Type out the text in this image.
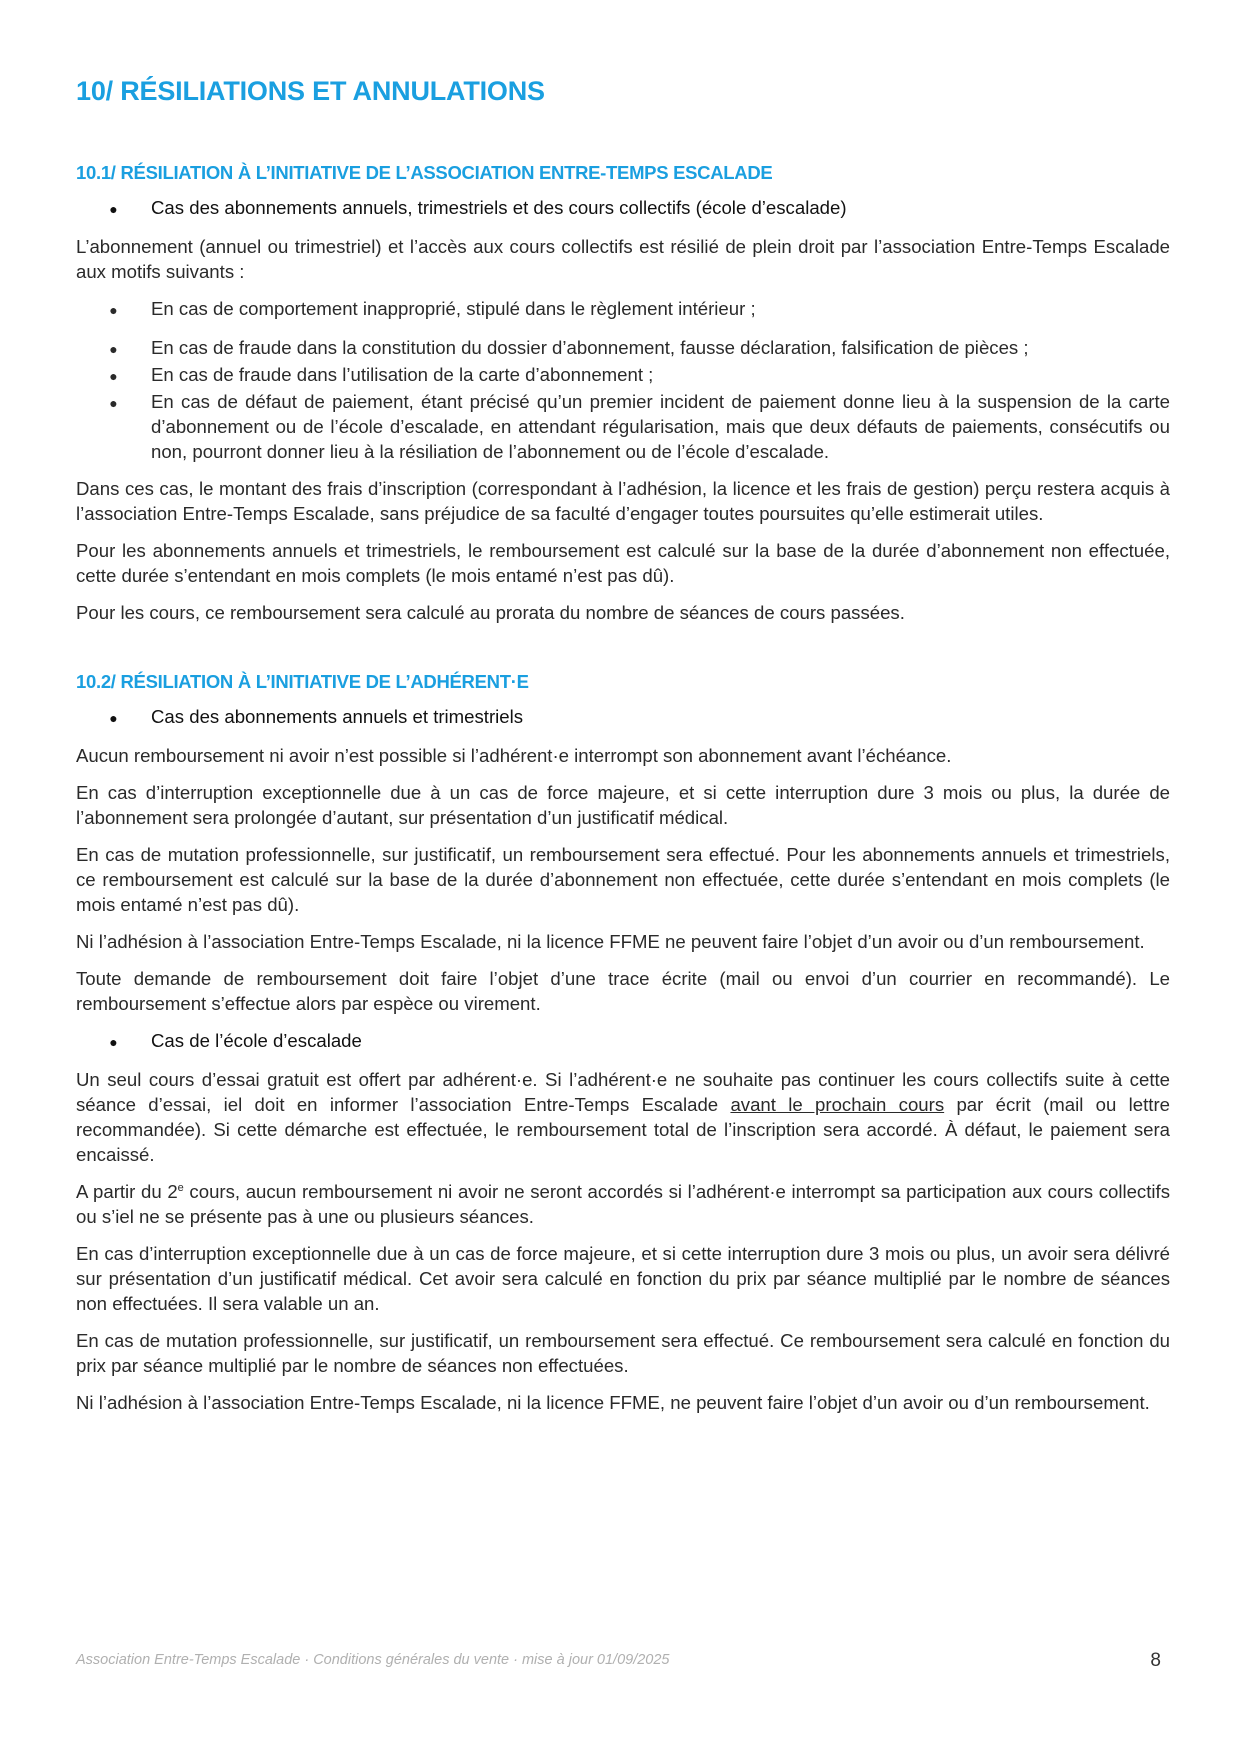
10/ RÉSILIATIONS ET ANNULATIONS
10.1/ RÉSILIATION À L’INITIATIVE DE L’ASSOCIATION ENTRE-TEMPS ESCALADE
●	Cas des abonnements annuels, trimestriels et des cours collectifs (école d’escalade)

L’abonnement (annuel ou trimestriel) et l’accès aux cours collectifs est résilié de plein droit par l’association Entre-Temps Escalade aux motifs suivants :

●	En cas de comportement inapproprié, stipulé dans le règlement intérieur ;
●	En cas de fraude dans la constitution du dossier d’abonnement, fausse déclaration, falsification de pièces ;
●	En cas de fraude dans l’utilisation de la carte d’abonnement ;
●	En cas de défaut de paiement, étant précisé qu’un premier incident de paiement donne lieu à la suspension de la carte d’abonnement ou de l’école d’escalade, en attendant régularisation, mais que deux défauts de paiements, consécutifs ou non, pourront donner lieu à la résiliation de l’abonnement ou de l’école d’escalade.

Dans ces cas, le montant des frais d’inscription (correspondant à l’adhésion, la licence et les frais de gestion) perçu restera acquis à l’association Entre-Temps Escalade, sans préjudice de sa faculté d’engager toutes poursuites qu’elle estimerait utiles.

Pour les abonnements annuels et trimestriels, le remboursement est calculé sur la base de la durée d’abonnement non effectuée, cette durée s’entendant en mois complets (le mois entamé n’est pas dû).

Pour les cours, ce remboursement sera calculé au prorata du nombre de séances de cours passées.

10.2/ RÉSILIATION À L’INITIATIVE DE L’ADHÉRENT·E
●	Cas des abonnements annuels et trimestriels

Aucun remboursement ni avoir n’est possible si l’adhérent·e interrompt son abonnement avant l’échéance.

En cas d’interruption exceptionnelle due à un cas de force majeure, et si cette interruption dure 3 mois ou plus, la durée de l’abonnement sera prolongée d’autant, sur présentation d’un justificatif médical.

En cas de mutation professionnelle, sur justificatif, un remboursement sera effectué. Pour les abonnements annuels et trimestriels, ce remboursement est calculé sur la base de la durée d’abonnement non effectuée, cette durée s’entendant en mois complets (le mois entamé n’est pas dû).

Ni l’adhésion à l’association Entre-Temps Escalade, ni la licence FFME ne peuvent faire l’objet d’un avoir ou d’un remboursement.

Toute demande de remboursement doit faire l’objet d’une trace écrite (mail ou envoi d’un courrier en recommandé). Le remboursement s’effectue alors par espèce ou virement.

●	Cas de l’école d’escalade

Un seul cours d’essai gratuit est offert par adhérent·e. Si l’adhérent·e ne souhaite pas continuer les cours collectifs suite à cette séance d’essai, iel doit en informer l’association Entre-Temps Escalade avant le prochain cours par écrit (mail ou lettre recommandée). Si cette démarche est effectuée, le remboursement total de l’inscription sera accordé. À défaut, le paiement sera encaissé.

A partir du 2e cours, aucun remboursement ni avoir ne seront accordés si l’adhérent·e interrompt sa participation aux cours collectifs ou s’iel ne se présente pas à une ou plusieurs séances.

En cas d’interruption exceptionnelle due à un cas de force majeure, et si cette interruption dure 3 mois ou plus, un avoir sera délivré sur présentation d’un justificatif médical. Cet avoir sera calculé en fonction du prix par séance multiplié par le nombre de séances non effectuées. Il sera valable un an.

En cas de mutation professionnelle, sur justificatif, un remboursement sera effectué. Ce remboursement sera calculé en fonction du prix par séance multiplié par le nombre de séances non effectuées.

Ni l’adhésion à l’association Entre-Temps Escalade, ni la licence FFME, ne peuvent faire l’objet d’un avoir ou d’un remboursement.

Association Entre-Temps Escalade · Conditions générales du vente · mise à jour 01/09/2025	8
